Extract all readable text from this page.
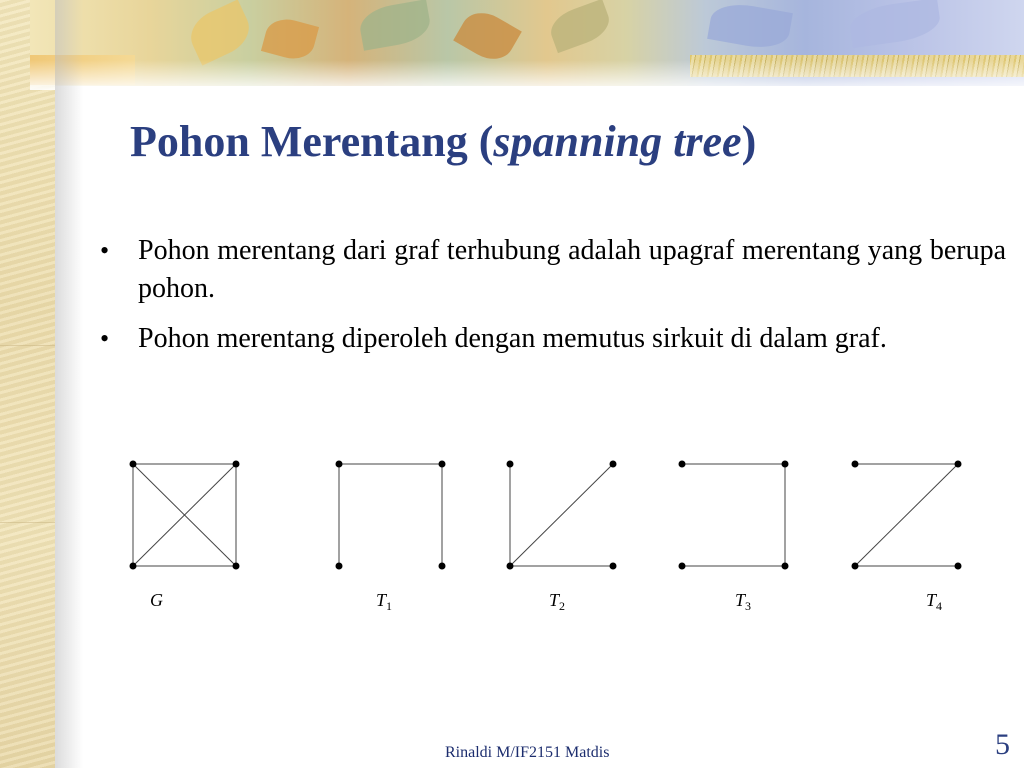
Pohon Merentang (spanning tree)
•	Pohon merentang dari graf terhubung adalah upagraf merentang yang berupa pohon.
•	Pohon merentang diperoleh dengan memutus sirkuit di dalam graf.
G	$T_1$	$T_2$	$T_3$	$T_4$
Rinaldi M/IF2151 Matdis	5
